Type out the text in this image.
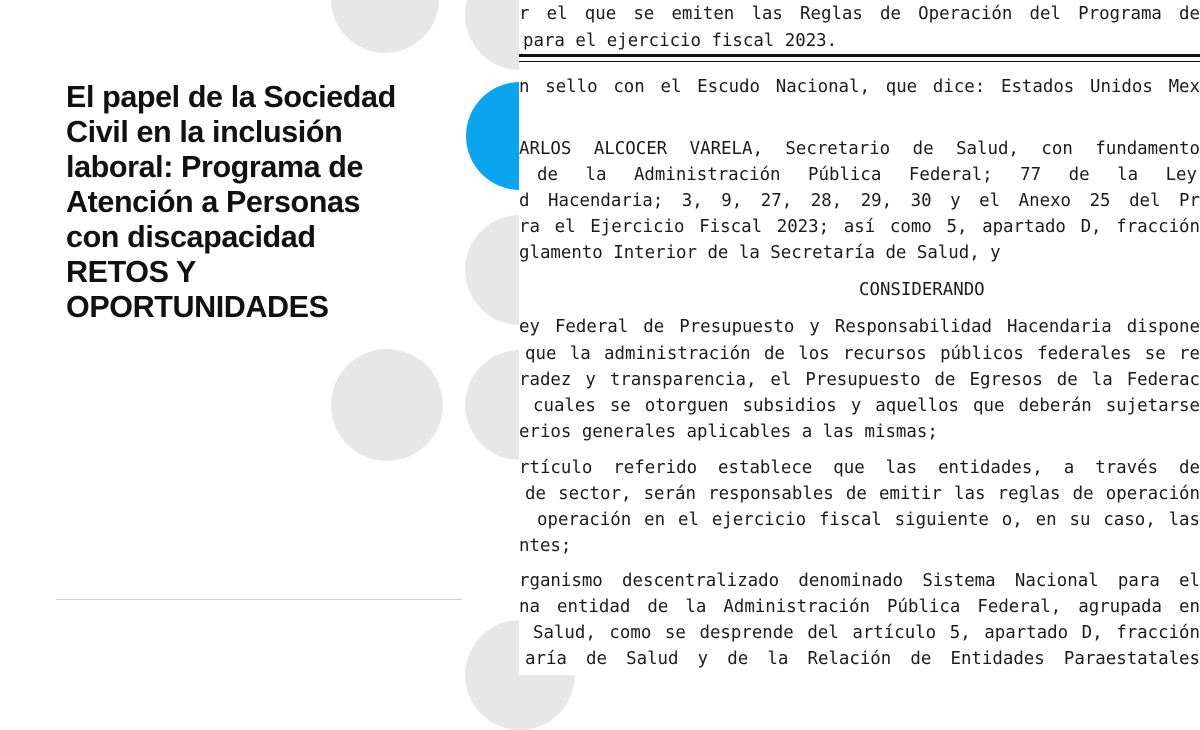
El papel de la Sociedad
Civil en la inclusión
laboral: Programa de
Atención a Personas
con discapacidad
RETOS Y
OPORTUNIDADES
r el que se emiten las Reglas de Operación del Programa de
para el ejercicio fiscal 2023.
n sello con el Escudo Nacional, que dice: Estados Unidos Mex
ARLOS ALCOCER VARELA, Secretario de Salud, con fundamento
de la Administración Pública Federal; 77 de la Ley
d Hacendaria; 3, 9, 27, 28, 29, 30 y el Anexo 25 del Pr
ra el Ejercicio Fiscal 2023; así como 5, apartado D, fracción
glamento Interior de la Secretaría de Salud, y
CONSIDERANDO
ey Federal de Presupuesto y Responsabilidad Hacendaria dispone
que la administración de los recursos públicos federales se re
radez y transparencia, el Presupuesto de Egresos de la Federac
cuales se otorguen subsidios y aquellos que deberán sujetarse
erios generales aplicables a las mismas;
rtículo referido establece que las entidades, a través de
de sector, serán responsables de emitir las reglas de operación
operación en el ejercicio fiscal siguiente o, en su caso, las
ntes;
rganismo descentralizado denominado Sistema Nacional para el
na entidad de la Administración Pública Federal, agrupada en
Salud, como se desprende del artículo 5, apartado D, fracción
aría de Salud y de la Relación de Entidades Paraestatales
